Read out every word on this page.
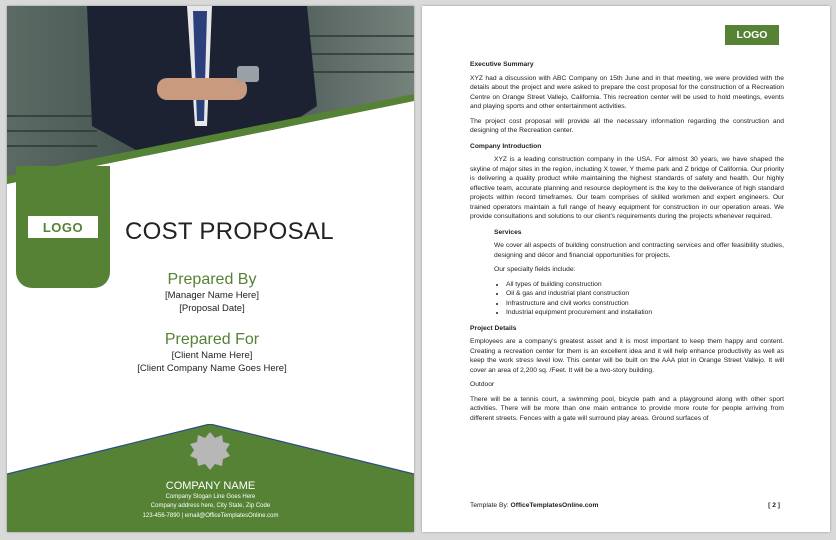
LOGO	COST PROPOSAL
Prepared By
[Manager Name Here]
[Proposal Date]
Prepared For
[Client Name Here]
[Client Company Name Goes Here]
COMPANY NAME
Company Slogan Line Goes Here
Company address here, City State, Zip Code
123-456-7890 | email@OfficeTemplatesOnline.com
LOGO
Executive Summary

XYZ had a discussion with ABC Company on 15th June and in that meeting, we were provided with the details about the project and were asked to prepare the cost proposal for the construction of a Recreation Centre on Orange Street Vallejo, California. This recreation center will be used to hold meetings, events and playing sports and other entertainment activities.

The project cost proposal will provide all the necessary information regarding the construction and designing of the Recreation center.

Company Introduction

XYZ is a leading construction company in the USA. For almost 30 years, we have shaped the skyline of major sites in the region, including X tower, Y theme park and Z bridge of California. Our priority is delivering a quality product while maintaining the highest standards of safety and health. Our highly effective team, accurate planning and resource deployment is the key to the deliverance of high standard projects within record timeframes. Our team comprises of skilled workmen and expert engineers. Our trained operators maintain a full range of heavy equipment for construction in our operation areas. We provide consultations and solutions to our client's requirements during the projects whenever required.

Services

We cover all aspects of building construction and contracting services and offer feasibility studies, designing and décor and financial opportunities for projects.

Our specialty fields include:

• All types of building construction
• Oil & gas and industrial plant construction
• Infrastructure and civil works construction
• Industrial equipment procurement and installation
Project Details

Employees are a company's greatest asset and it is most important to keep them happy and content. Creating a recreation center for them is an excellent idea and it will help enhance productivity as well as keep the work stress level low. This center will be built on the AAA plot in Orange Street Vallejo. It will cover an area of 2,200 sq. /Feet. It will be a two-story building.

Outdoor

There will be a tennis court, a swimming pool, bicycle path and a playground along with other sport activities. There will be more than one main entrance to provide more route for people arriving from different streets. Fences with a gate will surround play areas. Ground surfaces of

Template By: OfficeTemplatesOnline.com	[ 2 ]
